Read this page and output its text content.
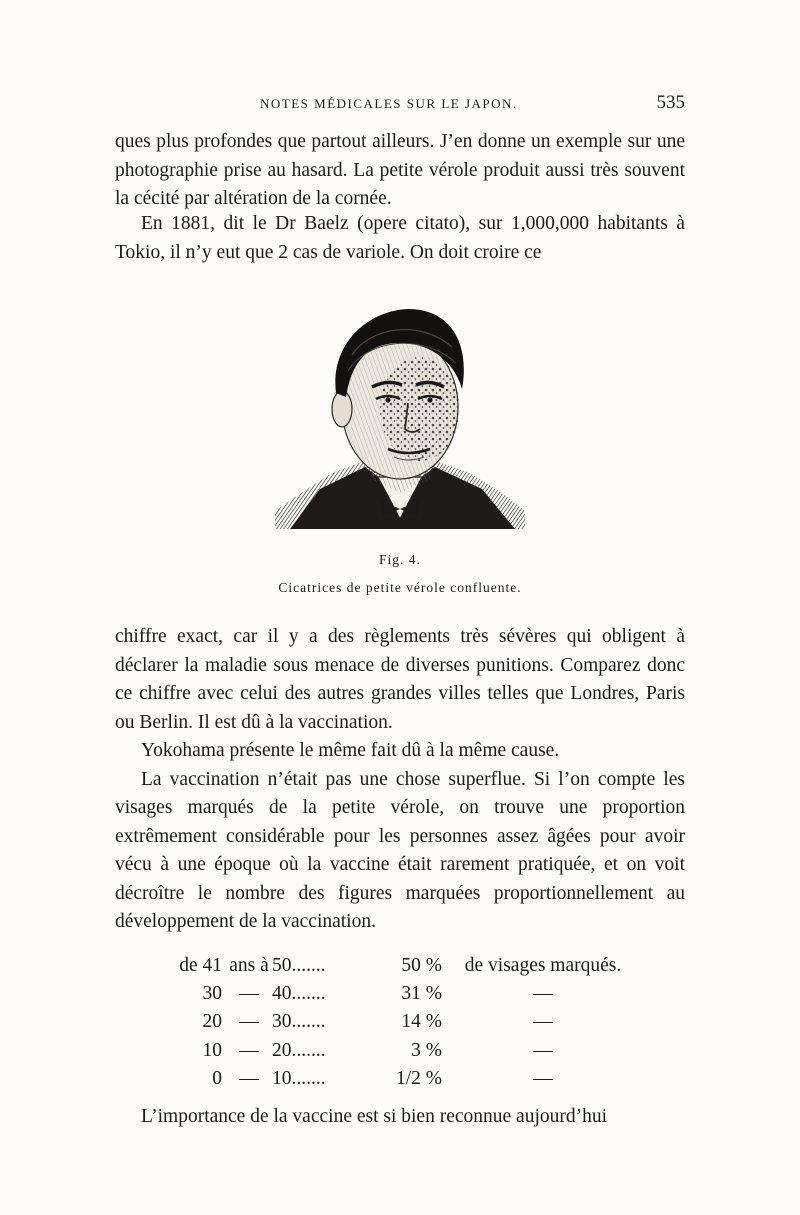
NOTES MÉDICALES SUR LE JAPON.	535

ques plus profondes que partout ailleurs. J’en donne un exemple sur une photographie prise au hasard. La petite vérole produit aussi très souvent la cécité par altération de la cornée.

En 1881, dit le Dr Baelz (opere citato), sur 1,000,000 habitants à Tokio, il n’y eut que 2 cas de variole. On doit croire ce

Fig. 4.
Cicatrices de petite vérole confluente.
chiffre exact, car il y a des règlements très sévères qui obligent à déclarer la maladie sous menace de diverses punitions. Comparez donc ce chiffre avec celui des autres grandes villes telles que Londres, Paris ou Berlin. Il est dû à la vaccination.
Yokohama présente le même fait dû à la même cause.
La vaccination n’était pas une chose superflue. Si l’on compte les visages marqués de la petite vérole, on trouve une proportion extrêmement considérable pour les personnes assez âgées pour avoir vécu à une époque où la vaccine était rarement pratiquée, et on voit décroître le nombre des figures marquées proportionnellement au développement de la vaccination.
de 41 ans à 50.......	50 %	de visages marqués.
30 — 40.......	31 %	—
20 — 30.......	14 %	—
10 — 20.......	3 %	—
0 — 10.......	1/2 %	—

L’importance de la vaccine est si bien reconnue aujourd’hui
